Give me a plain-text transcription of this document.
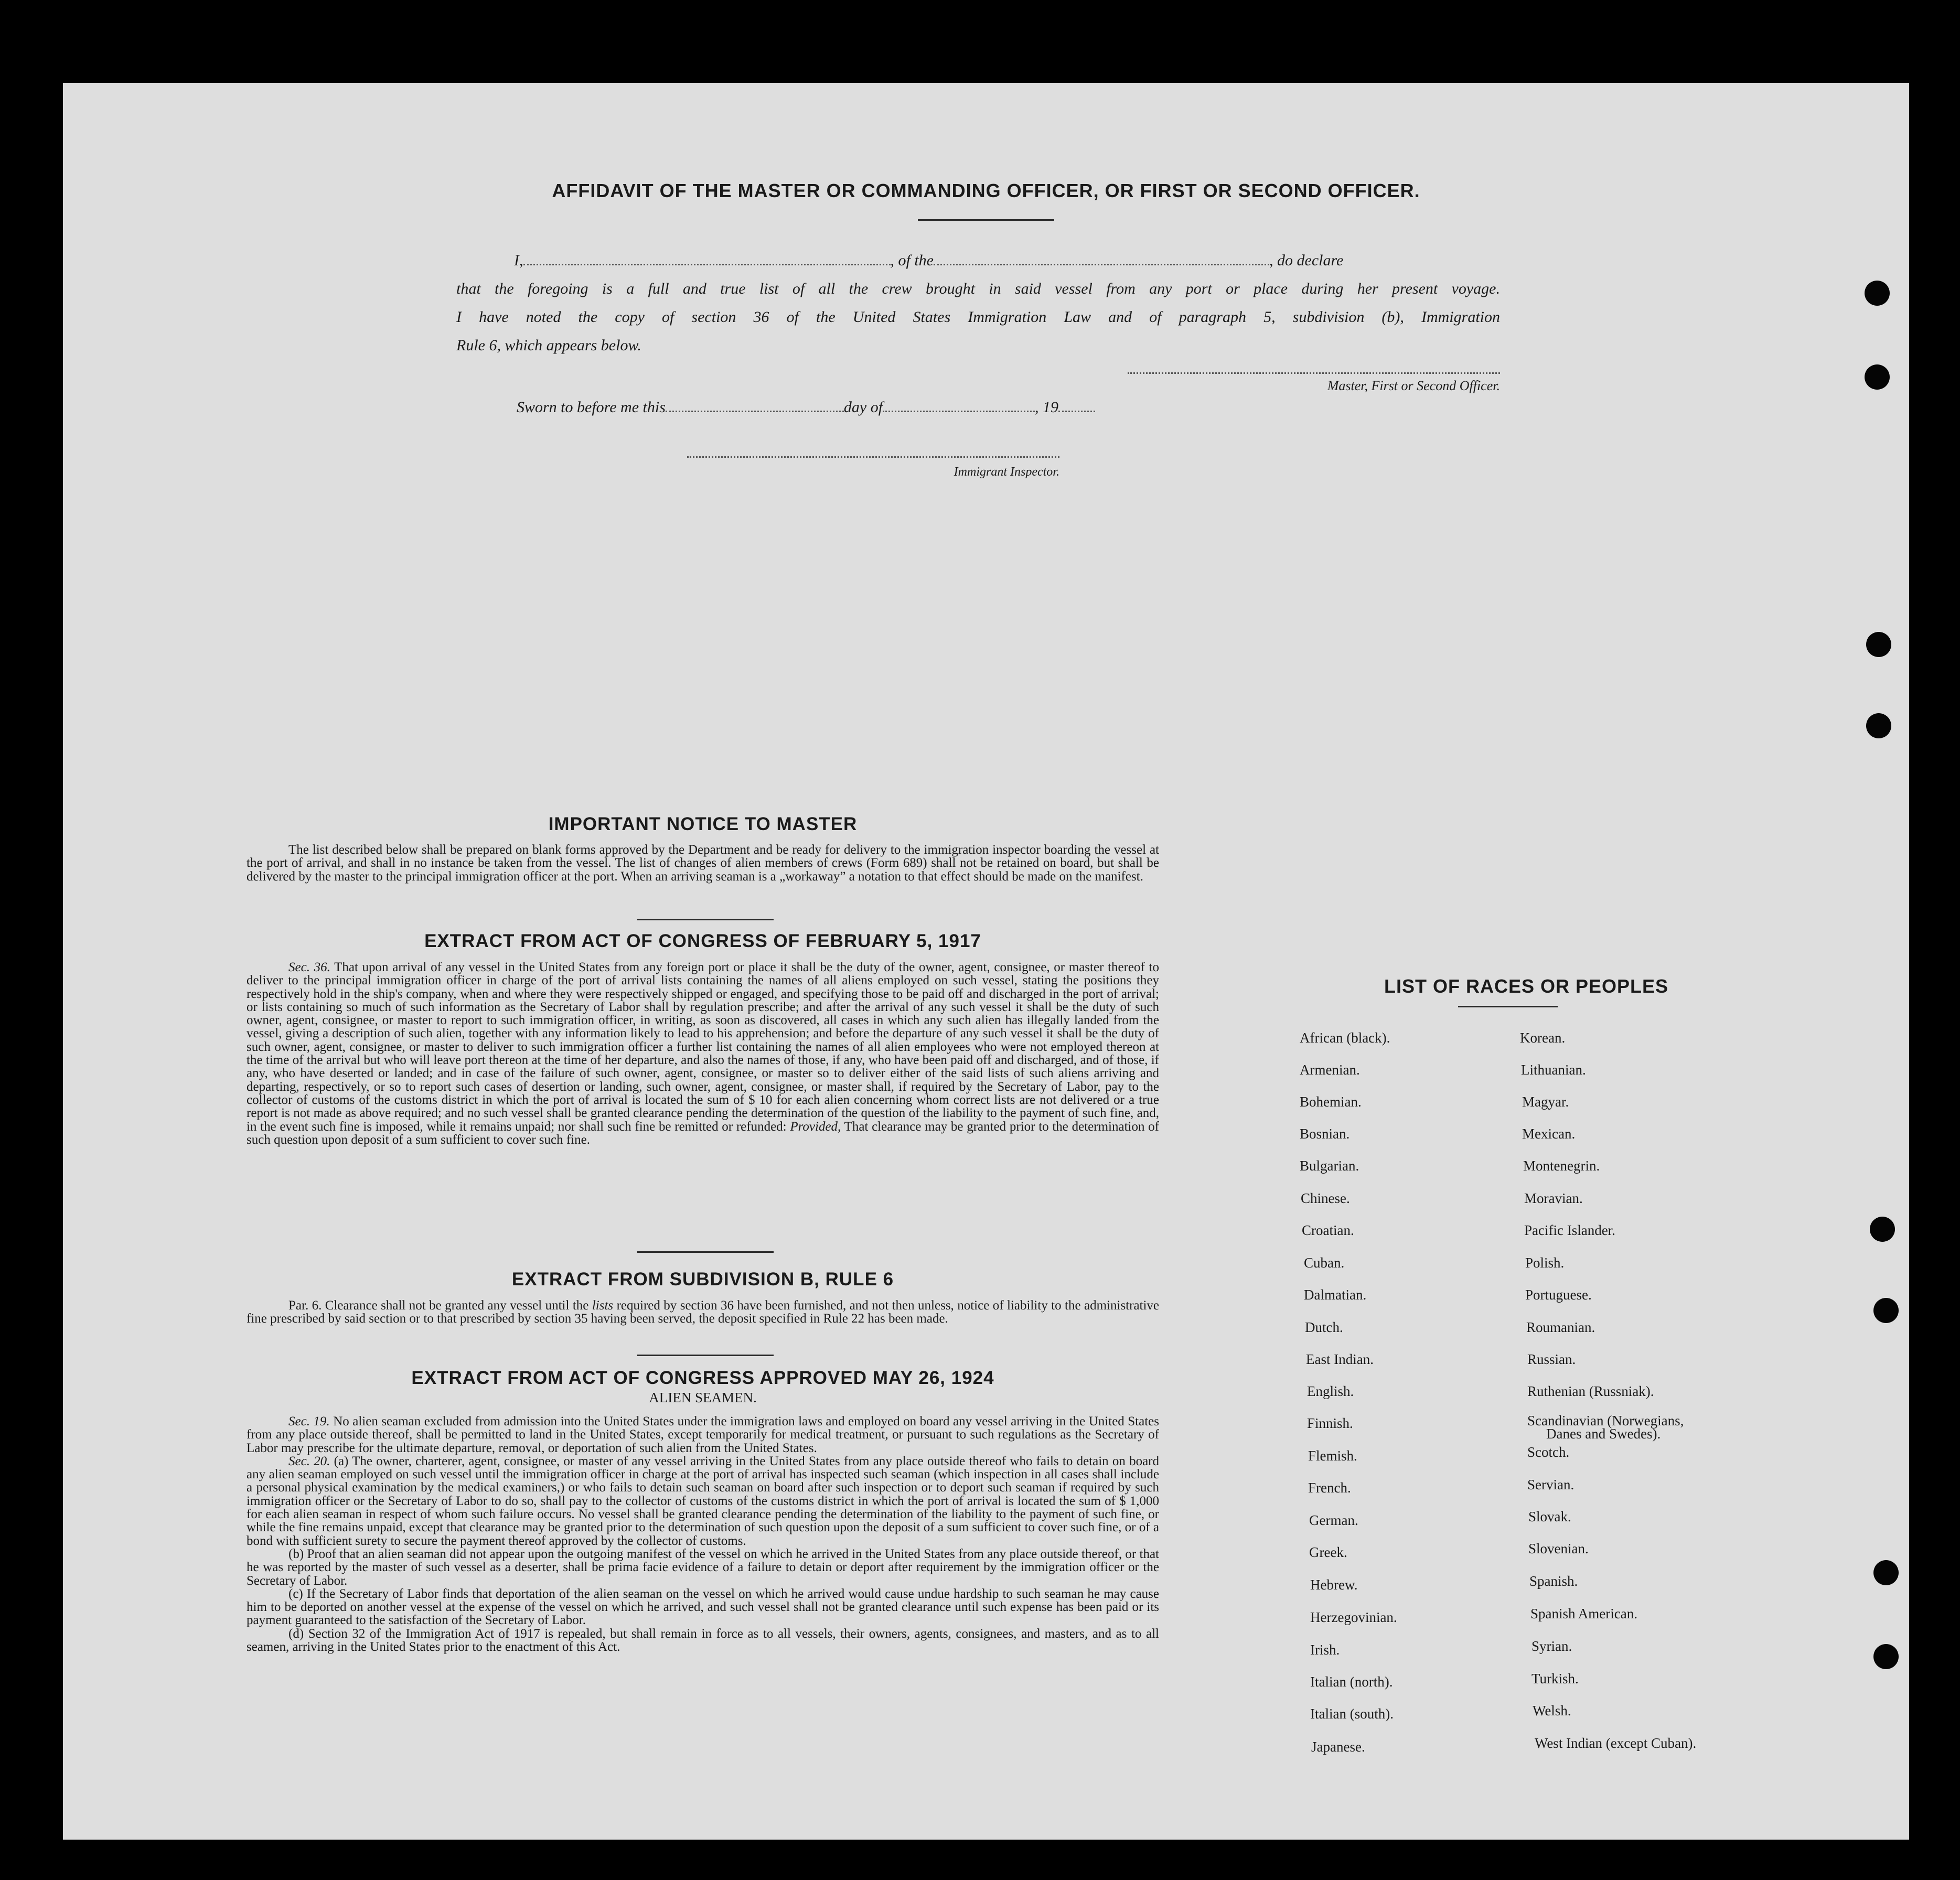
AFFIDAVIT OF THE MASTER OR COMMANDING OFFICER, OR FIRST OR SECOND OFFICER.
I,	, of the	, do declare
that the foregoing is a full and true list of all the crew brought in said vessel from any port or place during her present voyage.
I have noted the copy of section 36 of the United States Immigration Law and of paragraph 5, subdivision (b), Immigration
Rule 6, which appears below.
Master, First or Second Officer.
Sworn to before me this	day of	, 19
Immigrant Inspector.
IMPORTANT NOTICE TO MASTER
The list described below shall be prepared on blank forms approved by the Department and be ready for delivery to the immigration inspector boarding the vessel at the port of arrival, and shall in no instance be taken from the vessel. The list of changes of alien members of crews (Form 689) shall not be retained on board, but shall be delivered by the master to the principal immigration officer at the port. When an arriving seaman is a „workaway” a notation to that effect should be made on the manifest.
EXTRACT FROM ACT OF CONGRESS OF FEBRUARY 5, 1917
Sec. 36. That upon arrival of any vessel in the United States from any foreign port or place it shall be the duty of the owner, agent, consignee, or master thereof to deliver to the principal immigration officer in charge of the port of arrival lists containing the names of all aliens employed on such vessel, stating the positions they respectively hold in the ship's company, when and where they were respectively shipped or engaged, and specifying those to be paid off and discharged in the port of arrival; or lists containing so much of such information as the Secretary of Labor shall by regulation prescribe; and after the arrival of any such vessel it shall be the duty of such owner, agent, consignee, or master to report to such immigration officer, in writing, as soon as discovered, all cases in which any such alien has illegally landed from the vessel, giving a description of such alien, together with any information likely to lead to his apprehension; and before the departure of any such vessel it shall be the duty of such owner, agent, consignee, or master to deliver to such immigration officer a further list containing the names of all alien employees who were not employed thereon at the time of the arrival but who will leave port thereon at the time of her departure, and also the names of those, if any, who have been paid off and discharged, and of those, if any, who have deserted or landed; and in case of the failure of such owner, agent, consignee, or master so to deliver either of the said lists of such aliens arriving and departing, respectively, or so to report such cases of desertion or landing, such owner, agent, consignee, or master shall, if required by the Secretary of Labor, pay to the collector of customs of the customs district in which the port of arrival is located the sum of $ 10 for each alien concerning whom correct lists are not delivered or a true report is not made as above required; and no such vessel shall be granted clearance pending the determination of the question of the liability to the payment of such fine, and, in the event such fine is imposed, while it remains unpaid; nor shall such fine be remitted or refunded: Provided, That clearance may be granted prior to the determination of such question upon deposit of a sum sufficient to cover such fine.
EXTRACT FROM SUBDIVISION B, RULE 6
Par. 6. Clearance shall not be granted any vessel until the lists required by section 36 have been furnished, and not then unless, notice of liability to the administrative fine prescribed by said section or to that prescribed by section 35 having been served, the deposit specified in Rule 22 has been made.
EXTRACT FROM ACT OF CONGRESS APPROVED MAY 26, 1924
ALIEN SEAMEN.
Sec. 19. No alien seaman excluded from admission into the United States under the immigration laws and employed on board any vessel arriving in the United States from any place outside thereof, shall be permitted to land in the United States, except temporarily for medical treatment, or pursuant to such regulations as the Secretary of Labor may prescribe for the ultimate departure, removal, or deportation of such alien from the United States.
Sec. 20. (a) The owner, charterer, agent, consignee, or master of any vessel arriving in the United States from any place outside thereof who fails to detain on board any alien seaman employed on such vessel until the immigration officer in charge at the port of arrival has inspected such seaman (which inspection in all cases shall include a personal physical examination by the medical examiners,) or who fails to detain such seaman on board after such inspection or to deport such seaman if required by such immigration officer or the Secretary of Labor to do so, shall pay to the collector of customs of the customs district in which the port of arrival is located the sum of $ 1,000 for each alien seaman in respect of whom such failure occurs. No vessel shall be granted clearance pending the determination of the liability to the payment of such fine, or while the fine remains unpaid, except that clearance may be granted prior to the determination of such question upon the deposit of a sum sufficient to cover such fine, or of a bond with sufficient surety to secure the payment thereof approved by the collector of customs.
(b) Proof that an alien seaman did not appear upon the outgoing manifest of the vessel on which he arrived in the United States from any place outside thereof, or that he was reported by the master of such vessel as a deserter, shall be prima facie evidence of a failure to detain or deport after requirement by the immigration officer or the Secretary of Labor.
(c) If the Secretary of Labor finds that deportation of the alien seaman on the vessel on which he arrived would cause undue hardship to such seaman he may cause him to be deported on another vessel at the expense of the vessel on which he arrived, and such vessel shall not be granted clearance until such expense has been paid or its payment guaranteed to the satisfaction of the Secretary of Labor.
(d) Section 32 of the Immigration Act of 1917 is repealed, but shall remain in force as to all vessels, their owners, agents, consignees, and masters, and as to all seamen, arriving in the United States prior to the enactment of this Act.
LIST OF RACES OR PEOPLES
African (black).
Armenian.
Bohemian.
Bosnian.
Bulgarian.
Chinese.
Croatian.
Cuban.
Dalmatian.
Dutch.
East Indian.
English.
Finnish.
Flemish.
French.
German.
Greek.
Hebrew.
Herzegovinian.
Irish.
Italian (north).
Italian (south).
Japanese.
Korean.
Lithuanian.
Magyar.
Mexican.
Montenegrin.
Moravian.
Pacific Islander.
Polish.
Portuguese.
Roumanian.
Russian.
Ruthenian (Russniak).
Scandinavian (Norwegians,
Danes and Swedes).
Scotch.
Servian.
Slovak.
Slovenian.
Spanish.
Spanish American.
Syrian.
Turkish.
Welsh.
West Indian (except Cuban).
